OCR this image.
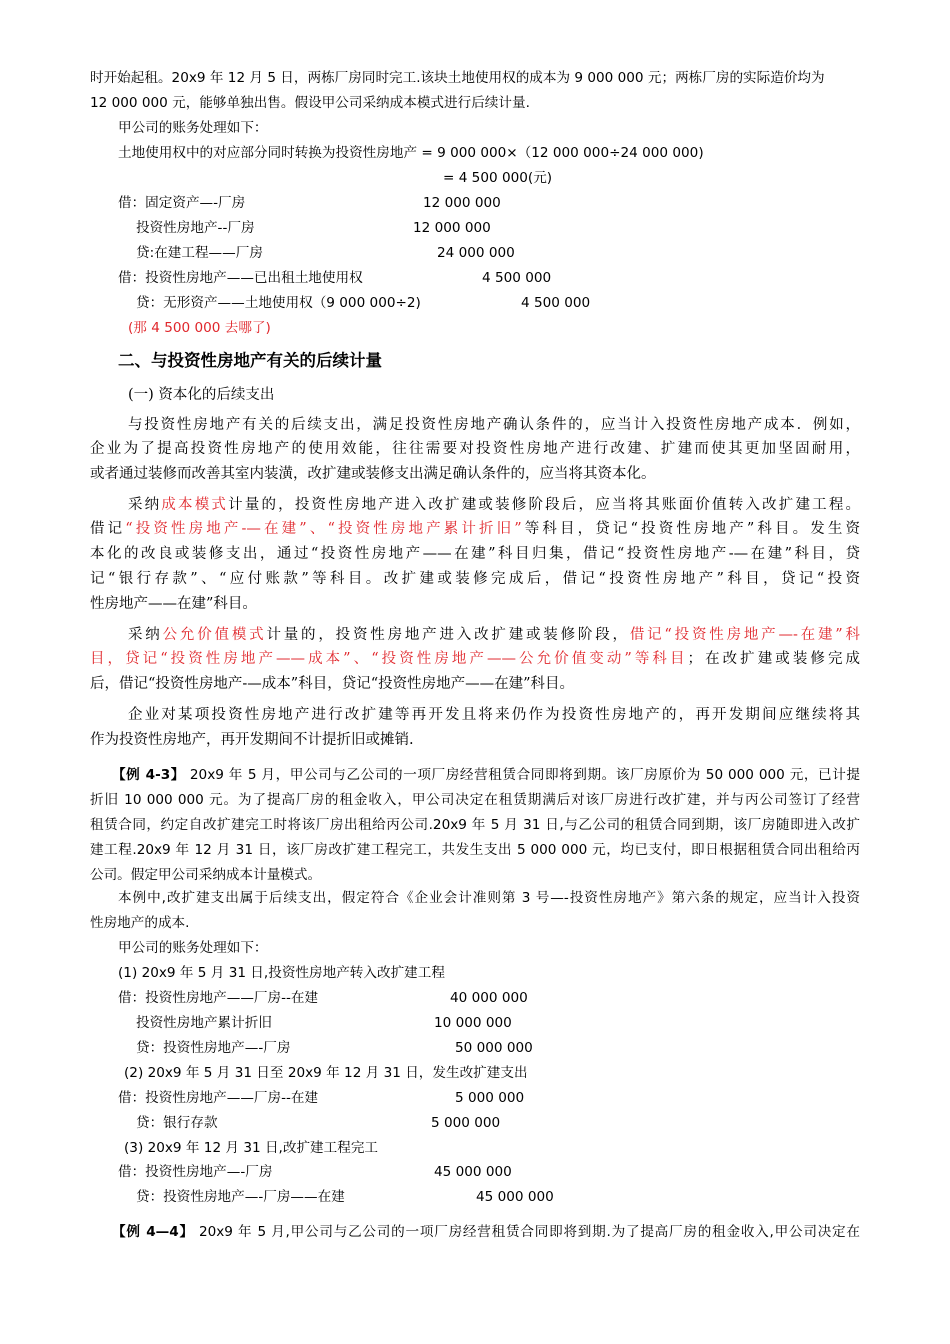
时开始起租。20x9 年 12 月 5 日，两栋厂房同时完工.该块土地使用权的成本为 9 000 000 元；两栋厂房的实际造价均为
12 000 000 元，能够单独出售。假设甲公司采纳成本模式进行后续计量.
甲公司的账务处理如下：
土地使用权中的对应部分同时转换为投资性房地产 = 9 000 000×（12 000 000÷24 000 000)
= 4 500 000(元)
借：固定资产—-厂房	12 000 000
投资性房地产--厂房	12 000 000
贷:在建工程——厂房	24 000 000
借：投资性房地产——已出租土地使用权	4 500 000
贷：无形资产——土地使用权（9 000 000÷2)	4 500 000
(那 4 500 000 去哪了)
二、与投资性房地产有关的后续计量
(一) 资本化的后续支出
与投资性房地产有关的后续支出，满足投资性房地产确认条件的，应当计入投资性房地产成本．例如，
企业为了提高投资性房地产的使用效能，往往需要对投资性房地产进行改建、扩建而使其更加坚固耐用，
或者通过装修而改善其室内装潢，改扩建或装修支出满足确认条件的，应当将其资本化。
采纳成本模式计量的，投资性房地产进入改扩建或装修阶段后，应当将其账面价值转入改扩建工程。
借记“投资性房地产-—在建”、“投资性房地产累计折旧”等科目，贷记“投资性房地产”科目。发生资
本化的改良或装修支出，通过“投资性房地产——在建”科目归集，借记“投资性房地产-—在建”科目，贷
记“银行存款”、“应付账款”等科目。改扩建或装修完成后，借记“投资性房地产”科目，贷记“投资
性房地产——在建”科目。
采纳公允价值模式计量的，投资性房地产进入改扩建或装修阶段，借记“投资性房地产—-在建”科
目，贷记“投资性房地产——成本”、“投资性房地产——公允价值变动”等科目；在改扩建或装修完成
后，借记“投资性房地产-—成本”科目，贷记“投资性房地产——在建”科目。
企业对某项投资性房地产进行改扩建等再开发且将来仍作为投资性房地产的，再开发期间应继续将其
作为投资性房地产，再开发期间不计提折旧或摊销.
【例 4-3】 20x9 年 5 月，甲公司与乙公司的一项厂房经营租赁合同即将到期。该厂房原价为 50 000 000 元，已计提
折旧 10 000 000 元。为了提高厂房的租金收入，甲公司决定在租赁期满后对该厂房进行改扩建，并与丙公司签订了经营
租赁合同，约定自改扩建完工时将该厂房出租给丙公司.20x9 年 5 月 31 日,与乙公司的租赁合同到期，该厂房随即进入改扩
建工程.20x9 年 12 月 31 日，该厂房改扩建工程完工，共发生支出 5 000 000 元，均已支付，即日根据租赁合同出租给丙
公司。假定甲公司采纳成本计量模式。
本例中,改扩建支出属于后续支出，假定符合《企业会计准则第 3 号—-投资性房地产》第六条的规定，应当计入投资
性房地产的成本.
甲公司的账务处理如下：
(1) 20x9 年 5 月 31 日,投资性房地产转入改扩建工程
借：投资性房地产——厂房--在建	40 000 000
投资性房地产累计折旧	10 000 000
贷：投资性房地产—-厂房	50 000 000
(2) 20x9 年 5 月 31 日至 20x9 年 12 月 31 日，发生改扩建支出
借：投资性房地产——厂房--在建	5 000 000
贷：银行存款	5 000 000
(3) 20x9 年 12 月 31 日,改扩建工程完工
借：投资性房地产—-厂房	45 000 000
贷：投资性房地产—-厂房——在建	45 000 000
【例 4—4】 20x9 年 5 月,甲公司与乙公司的一项厂房经营租赁合同即将到期.为了提高厂房的租金收入,甲公司决定在
